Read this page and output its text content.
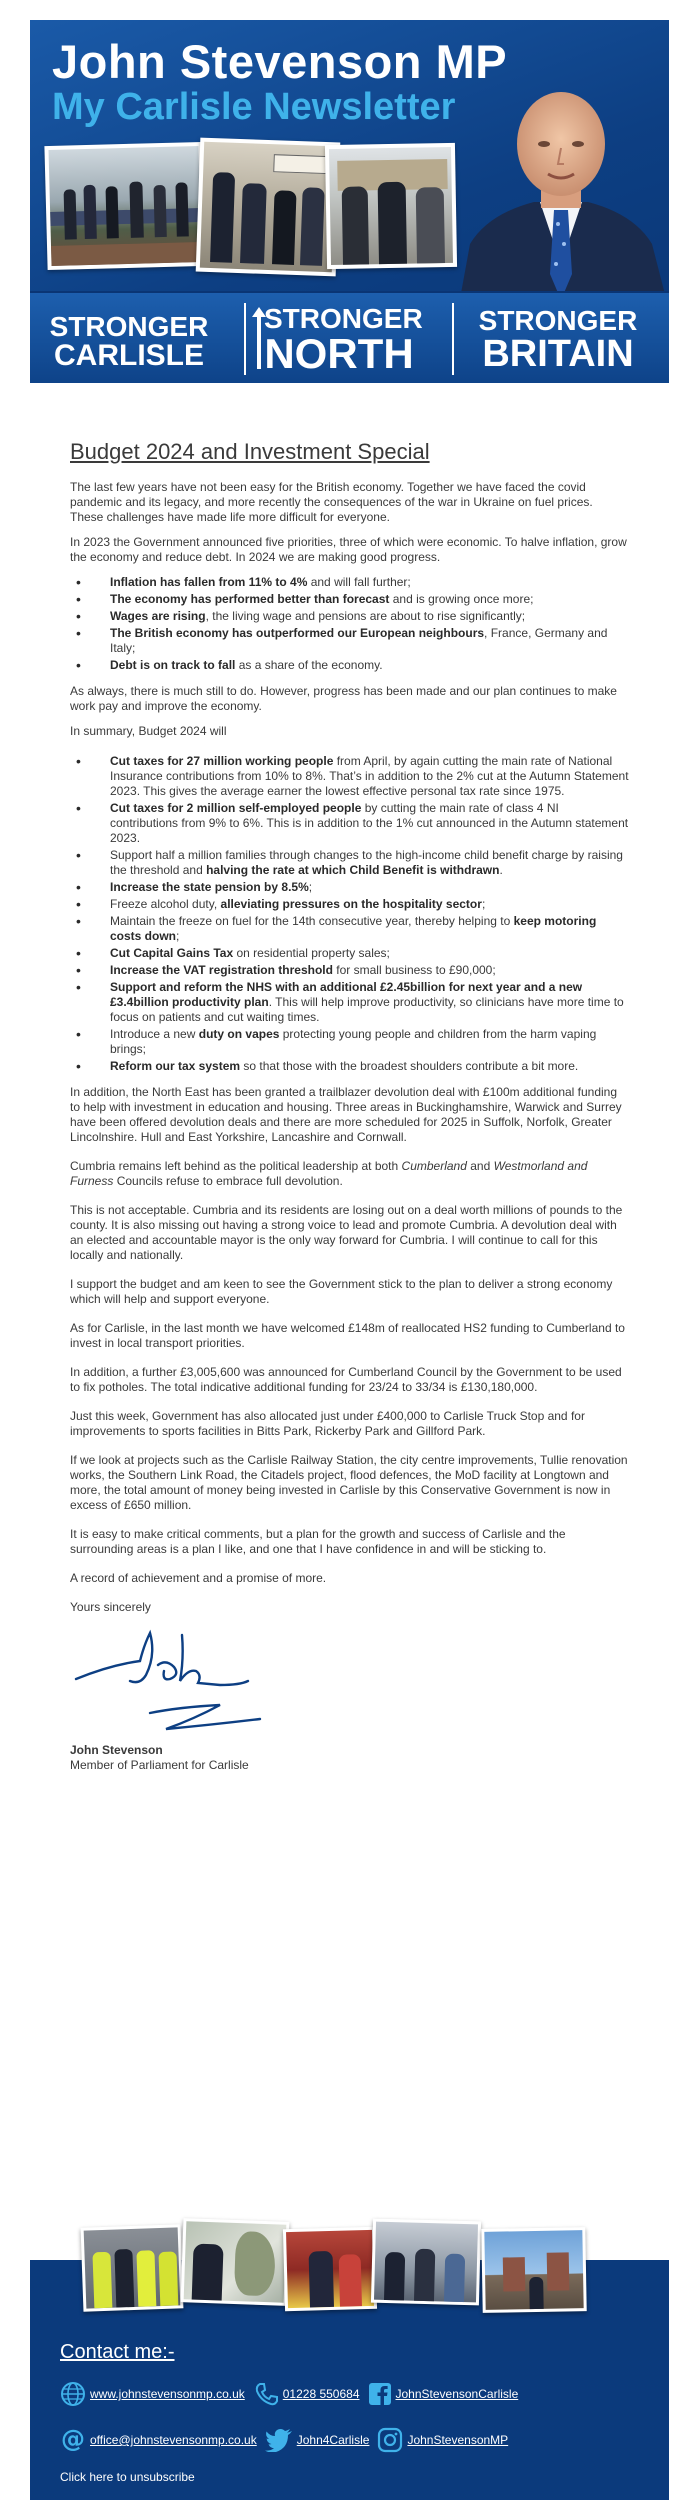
John Stevenson MP
My Carlisle Newsletter
STRONGER
CARLISLE
STRONGER
NORTH
STRONGER
BRITAIN
Budget 2024 and Investment Special

The last few years have not been easy for the British economy. Together we have faced the covid pandemic and its legacy, and more recently the consequences of the war in Ukraine on fuel prices. These challenges have made life more difficult for everyone.

In 2023 the Government announced five priorities, three of which were economic. To halve inflation, grow the economy and reduce debt. In 2024 we are making good progress.

• Inflation has fallen from 11% to 4% and will fall further;
• The economy has performed better than forecast and is growing once more;
• Wages are rising, the living wage and pensions are about to rise significantly;
• The British economy has outperformed our European neighbours, France, Germany and Italy;
• Debt is on track to fall as a share of the economy.

As always, there is much still to do. However, progress has been made and our plan continues to make work pay and improve the economy.

In summary, Budget 2024 will

• Cut taxes for 27 million working people from April, by again cutting the main rate of National Insurance contributions from 10% to 8%. That’s in addition to the 2% cut at the Autumn Statement 2023. This gives the average earner the lowest effective personal tax rate since 1975.
• Cut taxes for 2 million self-employed people by cutting the main rate of class 4 NI contributions from 9% to 6%. This is in addition to the 1% cut announced in the Autumn statement 2023.
• Support half a million families through changes to the high-income child benefit charge by raising the threshold and halving the rate at which Child Benefit is withdrawn.
• Increase the state pension by 8.5%;
• Freeze alcohol duty, alleviating pressures on the hospitality sector;
• Maintain the freeze on fuel for the 14th consecutive year, thereby helping to keep motoring costs down;
• Cut Capital Gains Tax on residential property sales;
• Increase the VAT registration threshold for small business to £90,000;
• Support and reform the NHS with an additional £2.45billion for next year and a new £3.4billion productivity plan. This will help improve productivity, so clinicians have more time to focus on patients and cut waiting times.
• Introduce a new duty on vapes protecting young people and children from the harm vaping brings;
• Reform our tax system so that those with the broadest shoulders contribute a bit more.

In addition, the North East has been granted a trailblazer devolution deal with £100m additional funding to help with investment in education and housing. Three areas in Buckinghamshire, Warwick and Surrey have been offered devolution deals and there are more scheduled for 2025 in Suffolk, Norfolk, Greater Lincolnshire. Hull and East Yorkshire, Lancashire and Cornwall.

Cumbria remains left behind as the political leadership at both Cumberland and Westmorland and Furness Councils refuse to embrace full devolution.

This is not acceptable. Cumbria and its residents are losing out on a deal worth millions of pounds to the county. It is also missing out having a strong voice to lead and promote Cumbria. A devolution deal with an elected and accountable mayor is the only way forward for Cumbria. I will continue to call for this locally and nationally.

I support the budget and am keen to see the Government stick to the plan to deliver a strong economy which will help and support everyone.

As for Carlisle, in the last month we have welcomed £148m of reallocated HS2 funding to Cumberland to invest in local transport priorities.

In addition, a further £3,005,600 was announced for Cumberland Council by the Government to be used to fix potholes. The total indicative additional funding for 23/24 to 33/34 is £130,180,000.

Just this week, Government has also allocated just under £400,000 to Carlisle Truck Stop and for improvements to sports facilities in Bitts Park, Rickerby Park and Gillford Park.

If we look at projects such as the Carlisle Railway Station, the city centre improvements, Tullie renovation works, the Southern Link Road, the Citadels project, flood defences, the MoD facility at Longtown and more, the total amount of money being invested in Carlisle by this Conservative Government is now in excess of £650 million.

It is easy to make critical comments, but a plan for the growth and success of Carlisle and the surrounding areas is a plan I like, and one that I have confidence in and will be sticking to.

A record of achievement and a promise of more.

Yours sincerely

John Stevenson
Member of Parliament for Carlisle
Contact me:-
www.johnstevensonmp.co.uk	01228 550684	JohnStevensonCarlisle
@ office@johnstevensonmp.co.uk	John4Carlisle	JohnStevensonMP
Click here to unsubscribe
